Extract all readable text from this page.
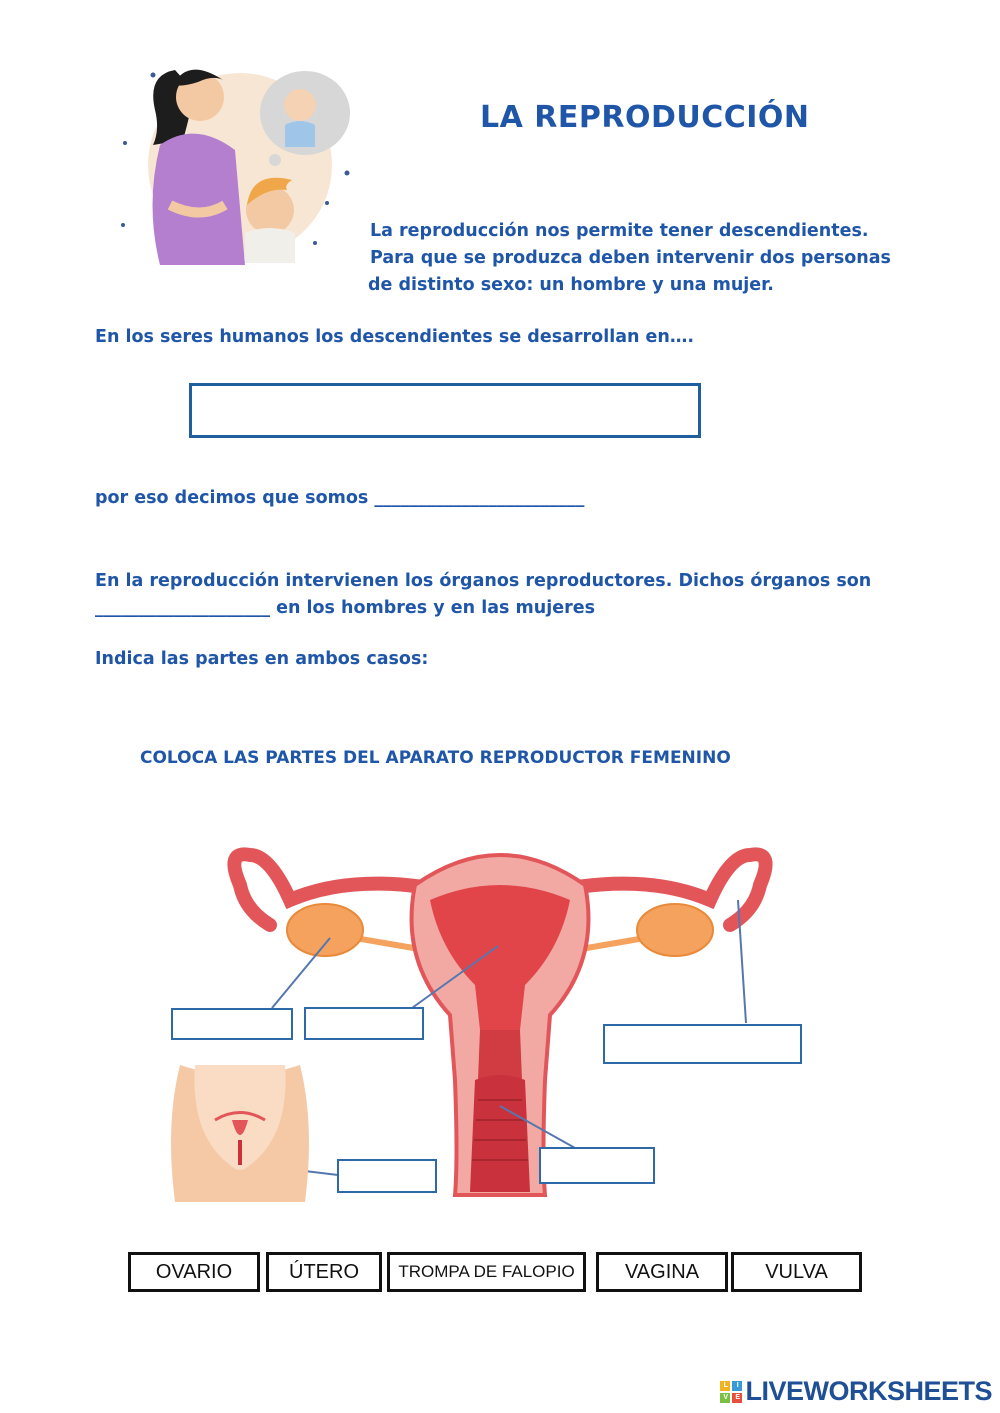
LA REPRODUCCIÓN
La reproducción nos permite tener descendientes.
Para que se produzca deben intervenir dos personas
de distinto sexo: un hombre y una mujer.
En los seres humanos los descendientes se desarrollan en….
por eso decimos que somos ________________________
En la reproducción intervienen los órganos reproductores. Dichos órganos son
____________________ en los hombres y en las mujeres
Indica las partes en ambos casos:
COLOCA LAS PARTES DEL APARATO REPRODUCTOR FEMENINO
OVARIO	ÚTERO	TROMPA DE FALOPIO	VAGINA	VULVA
L	I
V	E LIVEWORKSHEETS
